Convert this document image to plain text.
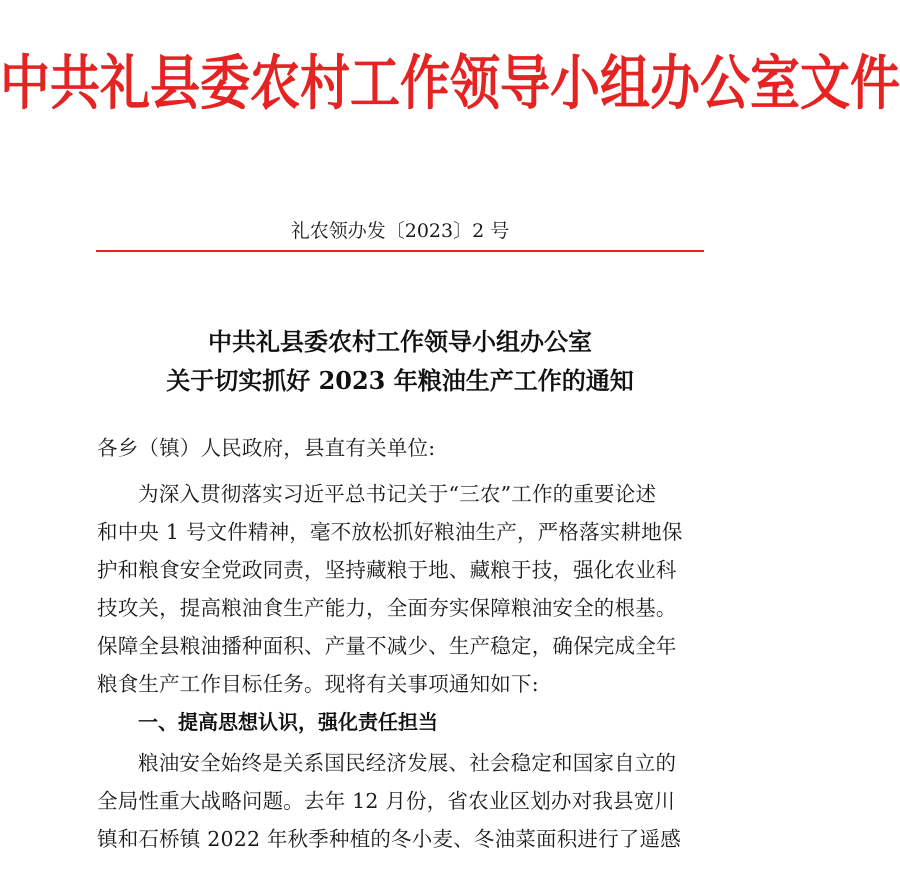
中共礼县委农村工作领导小组办公室文件
礼农领办发〔2023〕2 号
中共礼县委农村工作领导小组办公室
关于切实抓好 2023 年粮油生产工作的通知
各乡（镇）人民政府，县直有关单位:
为深入贯彻落实习近平总书记关于“三农”工作的重要论述
和中央 1 号文件精神，毫不放松抓好粮油生产，严格落实耕地保
护和粮食安全党政同责，坚持藏粮于地、藏粮于技，强化农业科
技攻关，提高粮油食生产能力，全面夯实保障粮油安全的根基。
保障全县粮油播种面积、产量不减少、生产稳定，确保完成全年
粮食生产工作目标任务。现将有关事项通知如下:
一、提高思想认识，强化责任担当
粮油安全始终是关系国民经济发展、社会稳定和国家自立的
全局性重大战略问题。去年 12 月份，省农业区划办对我县宽川
镇和石桥镇 2022 年秋季种植的冬小麦、冬油菜面积进行了遥感
